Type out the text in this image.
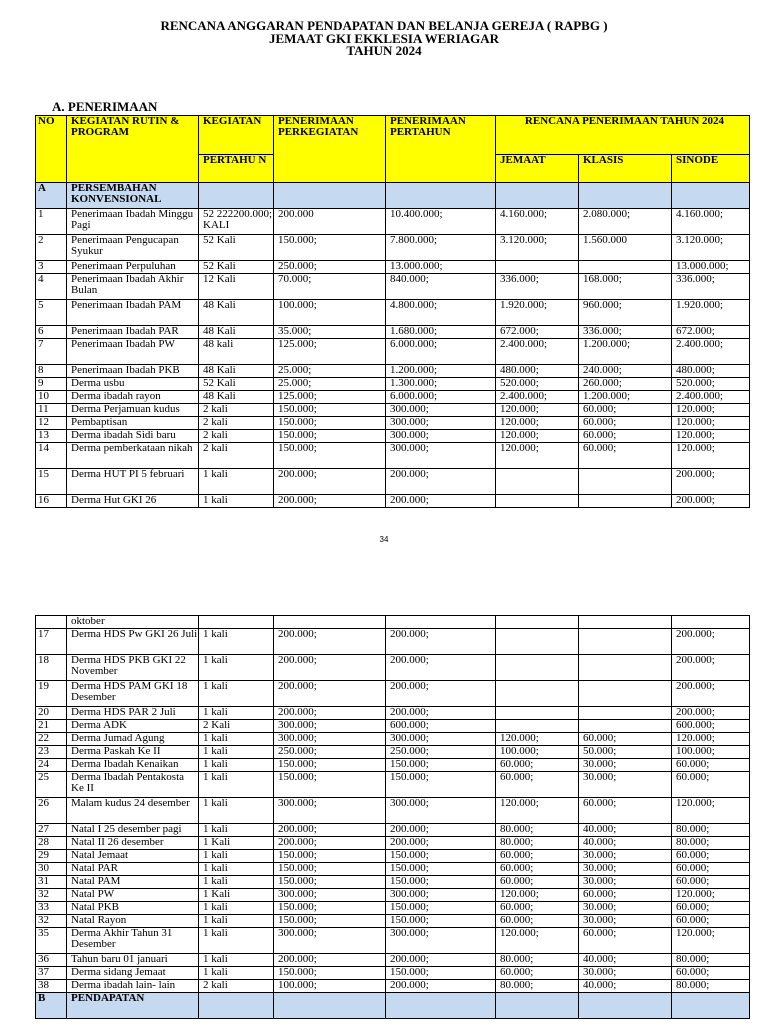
RENCANA ANGGARAN PENDAPATAN DAN BELANJA GEREJA ( RAPBG )
JEMAAT GKI EKKLESIA WERIAGAR
TAHUN 2024
A. PENERIMAAN
NO	KEGIATAN RUTIN & PROGRAM	KEGIATAN	PENERIMAAN PERKEGIATAN	PENERIMAAN PERTAHUN	RENCANA PENERIMAAN TAHUN 2024		
		PERTAHU N			JEMAAT	KLASIS	SINODE
A	PERSEMBAHAN KONVENSIONAL						
1	Penerimaan Ibadah Minggu Pagi	52 222200.000; KALI	200.000	10.400.000;	4.160.000;	2.080.000;	4.160.000;
2	Penerimaan Pengucapan Syukur	52 Kali	150.000;	7.800.000;	3.120.000;	1.560.000	3.120.000;
3	Penerimaan Perpuluhan	52 Kali	250.000;	13.000.000;			13.000.000;
4	Penerimaan Ibadah Akhir Bulan	12 Kali	70.000;	840.000;	336.000;	168.000;	336.000;
5	Penerimaan Ibadah PAM	48 Kali	100.000;	4.800.000;	1.920.000;	960.000;	1.920.000;
6	Penerimaan Ibadah PAR	48 Kali	35.000;	1.680.000;	672.000;	336.000;	672.000;
7	Penerimaan Ibadah PW	48 kali	125.000;	6.000.000;	2.400.000;	1.200.000;	2.400.000;
8	Penerimaan Ibadah PKB	48 Kali	25.000;	1.200.000;	480.000;	240.000;	480.000;
9	Derma usbu	52 Kali	25.000;	1.300.000;	520.000;	260.000;	520.000;
10	Derma ibadah rayon	48 Kali	125.000;	6.000.000;	2.400.000;	1.200.000;	2.400.000;
11	Derma Perjamuan kudus	2 kali	150.000;	300.000;	120.000;	60.000;	120.000;
12	Pembaptisan	2 kali	150.000;	300.000;	120.000;	60.000;	120.000;
13	Derma ibadah Sidi baru	2 kali	150.000;	300.000;	120.000;	60.000;	120.000;
14	Derma pemberkataan nikah	2 kali	150.000;	300.000;	120.000;	60.000;	120.000;
15	Derma HUT PI 5 februari	1 kali	200.000;	200.000;			200.000;
16	Derma Hut GKI 26	1 kali	200.000;	200.000;			200.000;
34
	oktober						
17	Derma HDS Pw GKI 26 Juli	1 kali	200.000;	200.000;			200.000;
18	Derma HDS PKB GKI 22 November	1 kali	200.000;	200.000;			200.000;
19	Derma HDS PAM GKI 18 Desember	1 kali	200.000;	200.000;			200.000;
20	Derma HDS PAR 2 Juli	1 kali	200.000;	200.000;			200.000;
21	Derma ADK	2 Kali	300.000;	600.000;			600.000;
22	Derma Jumad Agung	1 kali	300.000;	300.000;	120.000;	60.000;	120.000;
23	Derma Paskah Ke II	1 kali	250.000;	250.000;	100.000;	50.000;	100.000;
24	Derma Ibadah Kenaikan	1 kali	150.000;	150.000;	60.000;	30.000;	60.000;
25	Derma Ibadah Pentakosta Ke II	1 kali	150.000;	150.000;	60.000;	30.000;	60.000;
26	Malam kudus 24 desember	1 kali	300.000;	300.000;	120.000;	60.000;	120.000;
27	Natal I 25 desember pagi	1 kali	200.000;	200.000;	80.000;	40.000;	80.000;
28	Natal II 26 desember	1 Kali	200.000;	200.000;	80.000;	40.000;	80.000;
29	Natal Jemaat	1 kali	150.000;	150.000;	60.000;	30.000;	60.000;
30	Natal PAR	1 kali	150.000;	150.000;	60.000;	30.000;	60.000;
31	Natal PAM	1 kali	150.000;	150.000;	60.000;	30.000;	60.000;
32	Natal PW	1 Kali	300.000;	300.000;	120.000;	60.000;	120.000;
33	Natal PKB	1 kali	150.000;	150.000;	60.000;	30.000;	60.000;
32	Natal Rayon	1 kali	150.000;	150.000;	60.000;	30.000;	60.000;
35	Derma Akhir Tahun 31 Desember	1 kali	300.000;	300.000;	120.000;	60.000;	120.000;
36	Tahun baru 01 januari	1 kali	200.000;	200.000;	80.000;	40.000;	80.000;
37	Derma sidang Jemaat	1 kali	150.000;	150.000;	60.000;	30.000;	60.000;
38	Derma ibadah lain- lain	2 kali	100.000;	200.000;	80.000;	40.000;	80.000;
B	PENDAPATAN						
